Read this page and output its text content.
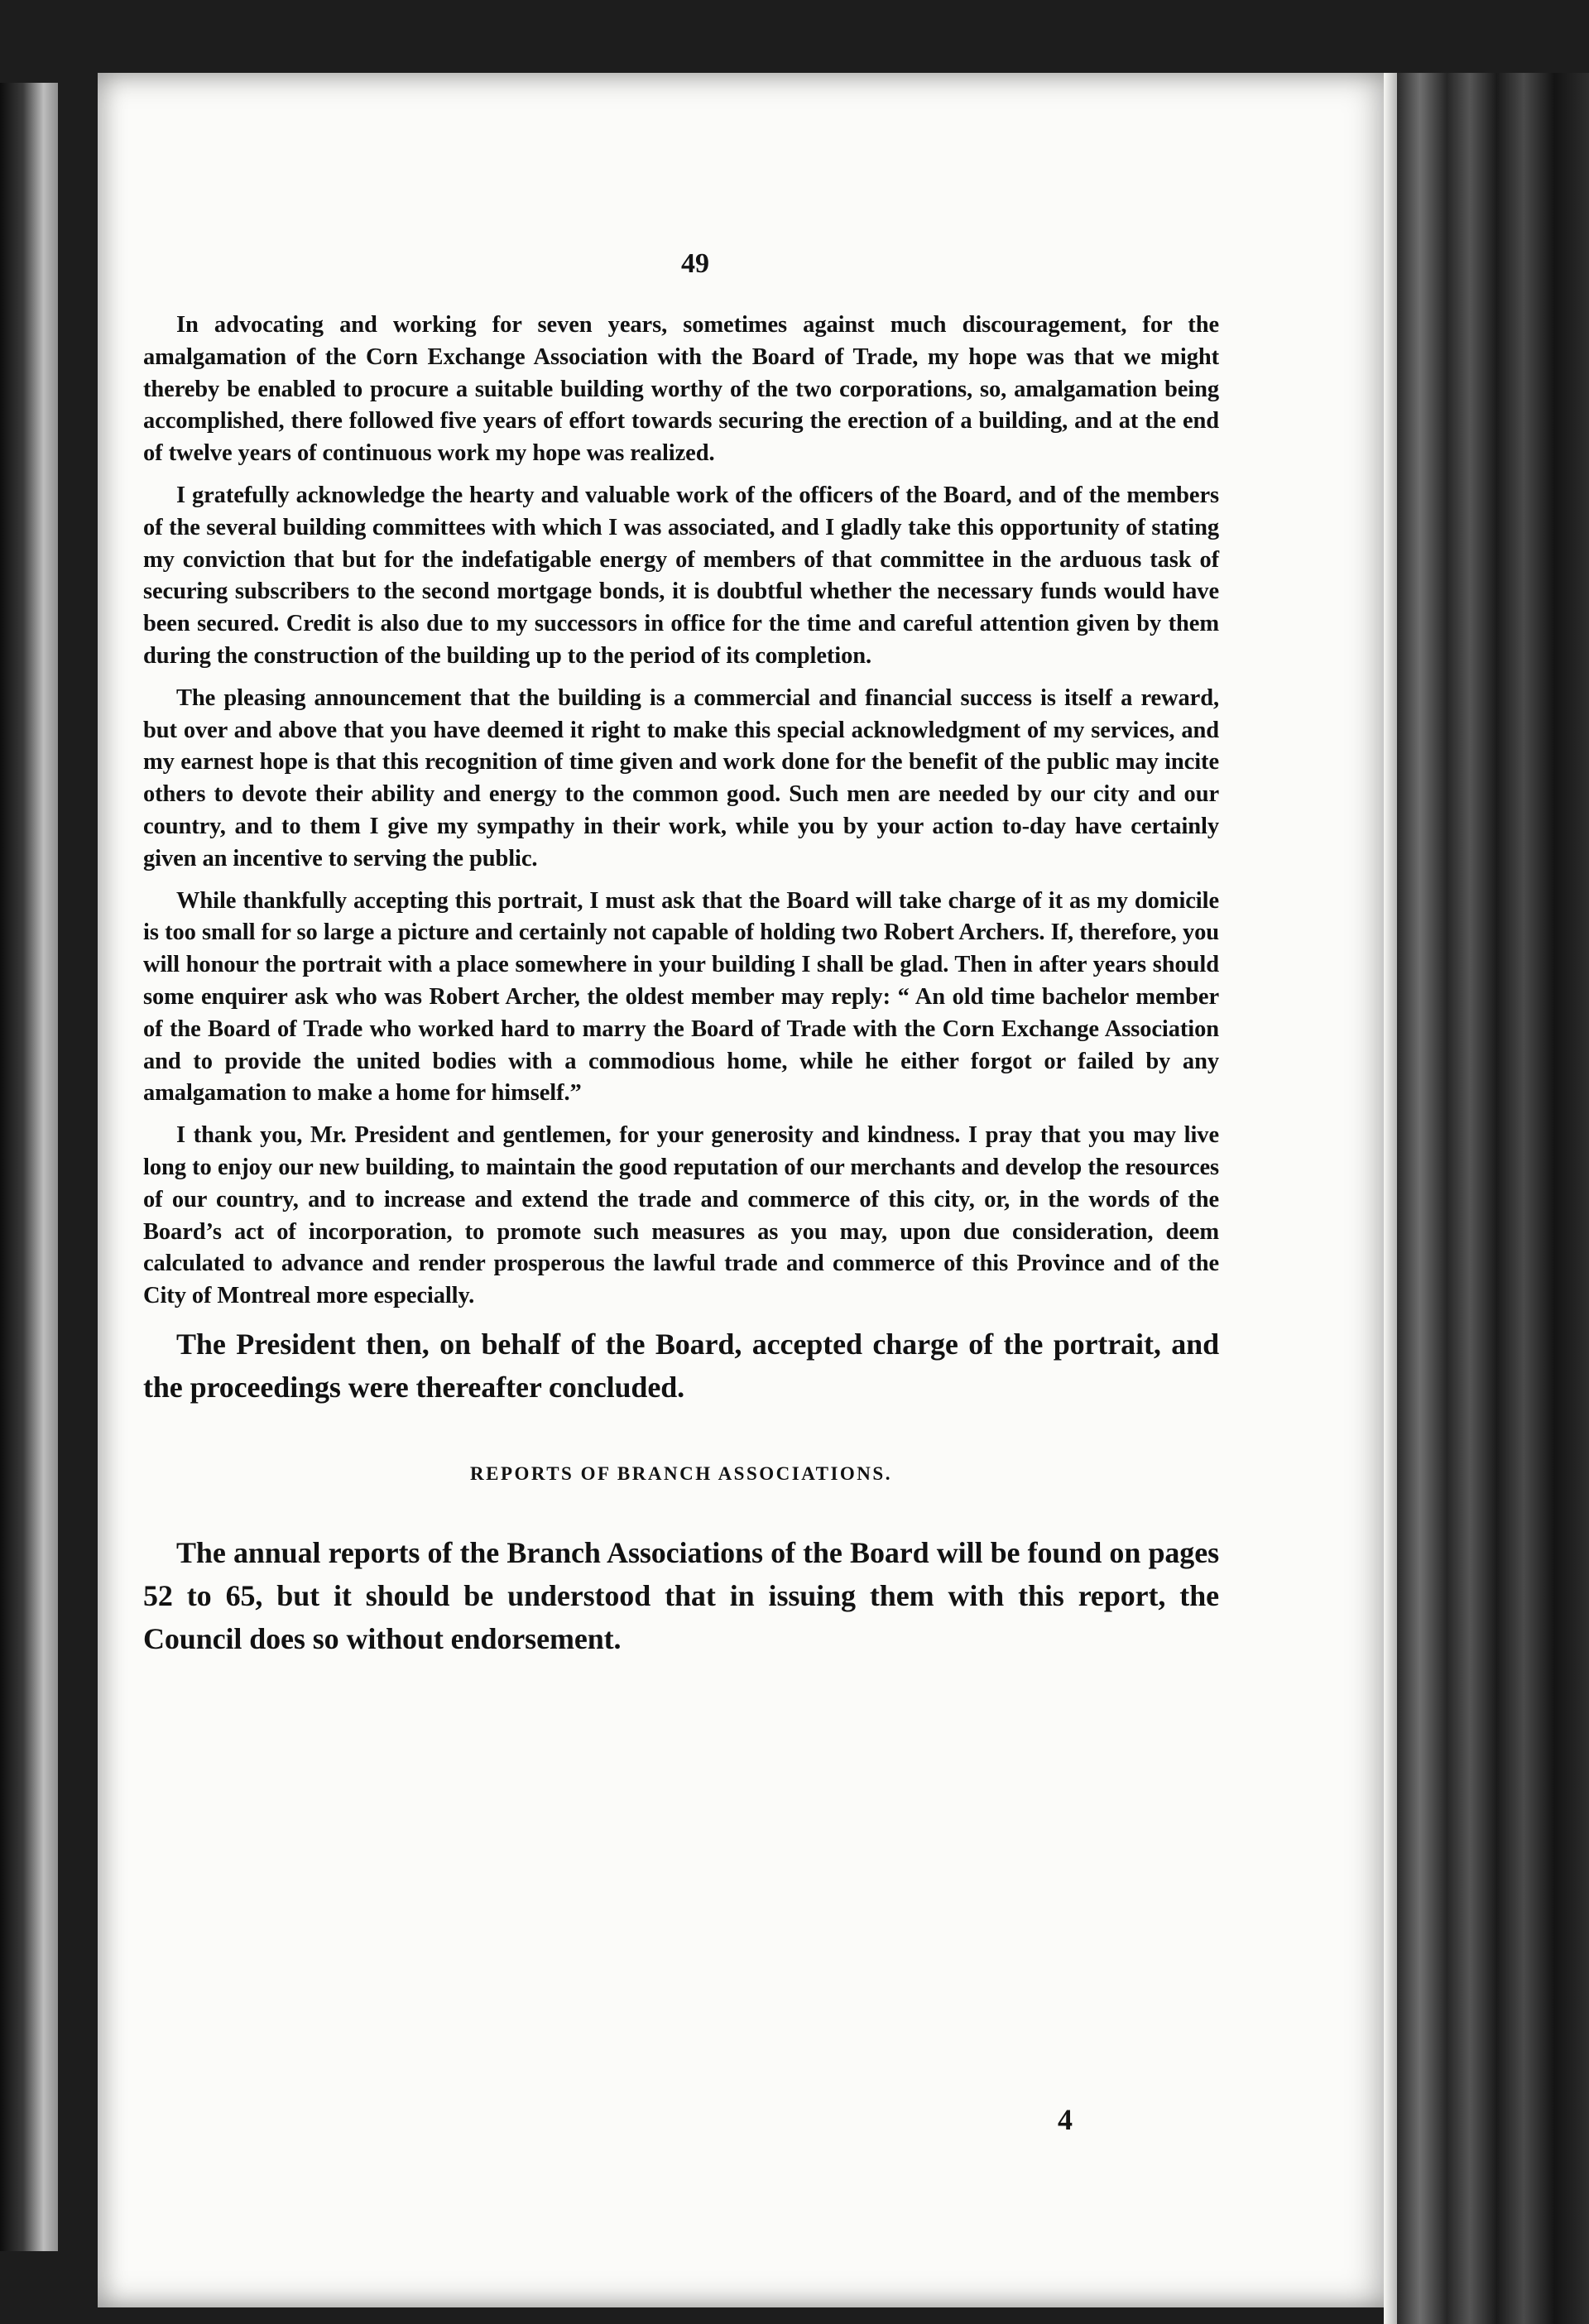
49

In advocating and working for seven years, sometimes against much discouragement, for the amalgamation of the Corn Exchange Association with the Board of Trade, my hope was that we might thereby be enabled to procure a suitable building worthy of the two corporations, so, amalgamation being accomplished, there followed five years of effort towards securing the erection of a building, and at the end of twelve years of continuous work my hope was realized.

I gratefully acknowledge the hearty and valuable work of the officers of the Board, and of the members of the several building committees with which I was associated, and I gladly take this opportunity of stating my conviction that but for the indefatigable energy of members of that committee in the arduous task of securing subscribers to the second mortgage bonds, it is doubtful whether the necessary funds would have been secured. Credit is also due to my successors in office for the time and careful attention given by them during the construction of the building up to the period of its completion.

The pleasing announcement that the building is a commercial and financial success is itself a reward, but over and above that you have deemed it right to make this special acknowledgment of my services, and my earnest hope is that this recognition of time given and work done for the benefit of the public may incite others to devote their ability and energy to the common good. Such men are needed by our city and our country, and to them I give my sympathy in their work, while you by your action to-day have certainly given an incentive to serving the public.

While thankfully accepting this portrait, I must ask that the Board will take charge of it as my domicile is too small for so large a picture and certainly not capable of holding two Robert Archers. If, therefore, you will honour the portrait with a place somewhere in your building I shall be glad. Then in after years should some enquirer ask who was Robert Archer, the oldest member may reply: “ An old time bachelor member of the Board of Trade who worked hard to marry the Board of Trade with the Corn Exchange Association and to provide the united bodies with a commodious home, while he either forgot or failed by any amalgamation to make a home for himself.”

I thank you, Mr. President and gentlemen, for your generosity and kindness. I pray that you may live long to enjoy our new building, to maintain the good reputation of our merchants and develop the resources of our country, and to increase and extend the trade and commerce of this city, or, in the words of the Board’s act of incorporation, to promote such measures as you may, upon due consideration, deem calculated to advance and render prosperous the lawful trade and commerce of this Province and of the City of Montreal more especially.

The President then, on behalf of the Board, accepted charge of the portrait, and the proceedings were thereafter concluded.

REPORTS OF BRANCH ASSOCIATIONS.

The annual reports of the Branch Associations of the Board will be found on pages 52 to 65, but it should be understood that in issuing them with this report, the Council does so without endorsement.

4
